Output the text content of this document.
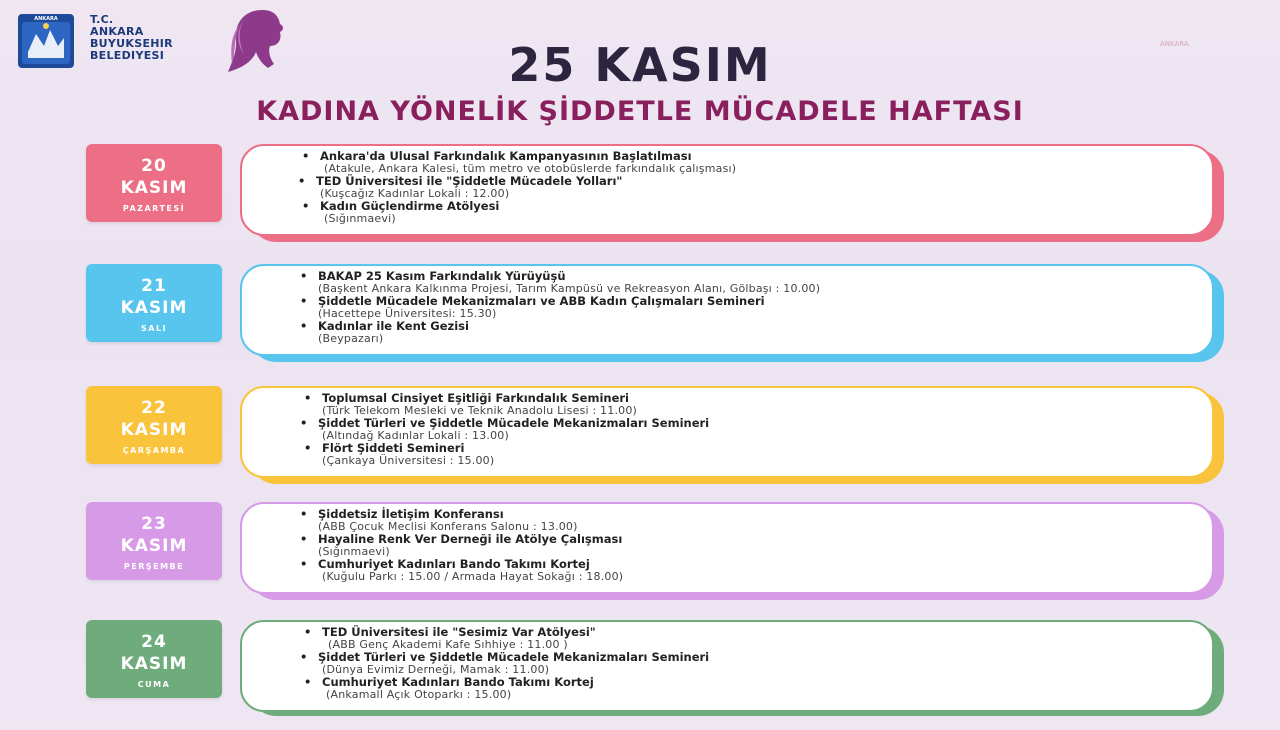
ANKARA	T.C.
ANKARA
BUYUKSEHIR
BELEDIYESI
ANKARA
25 KASIM
KADINA YÖNELİK ŞİDDETLE MÜCADELE HAFTASI
20
KASIM
PAZARTESİ
• Ankara'da Ulusal Farkındalık Kampanyasının Başlatılması
(Atakule, Ankara Kalesi, tüm metro ve otobüslerde farkındalık çalışması)
• TED Üniversitesi ile "Şiddetle Mücadele Yolları"
(Kuşcağız Kadınlar Lokali : 12.00)
• Kadın Güçlendirme Atölyesi
(Sığınmaevi)
21
KASIM
SALI
• BAKAP 25 Kasım Farkındalık Yürüyüşü
(Başkent Ankara Kalkınma Projesi, Tarım Kampüsü ve Rekreasyon Alanı, Gölbaşı : 10.00)
• Şiddetle Mücadele Mekanizmaları ve ABB Kadın Çalışmaları Semineri
(Hacettepe Üniversitesi: 15.30)
• Kadınlar ile Kent Gezisi
(Beypazarı)
22
KASIM
ÇARŞAMBA
• Toplumsal Cinsiyet Eşitliği Farkındalık Semineri
(Türk Telekom Mesleki ve Teknik Anadolu Lisesi : 11.00)
• Şiddet Türleri ve Şiddetle Mücadele Mekanizmaları Semineri
(Altındağ Kadınlar Lokali : 13.00)
• Flört Şiddeti Semineri
(Çankaya Üniversitesi : 15.00)
23
KASIM
PERŞEMBE
• Şiddetsiz İletişim Konferansı
(ABB Çocuk Meclisi Konferans Salonu : 13.00)
• Hayaline Renk Ver Derneği ile Atölye Çalışması
(Sığınmaevi)
• Cumhuriyet Kadınları Bando Takımı Kortej
(Kuğulu Parkı : 15.00 / Armada Hayat Sokağı : 18.00)
24
KASIM
CUMA
• TED Üniversitesi ile "Sesimiz Var Atölyesi"
(ABB Genç Akademi Kafe Sıhhiye : 11.00 )
• Şiddet Türleri ve Şiddetle Mücadele Mekanizmaları Semineri
(Dünya Evimiz Derneği, Mamak : 11.00)
• Cumhuriyet Kadınları Bando Takımı Kortej
(Ankamall Açık Otoparkı : 15.00)
